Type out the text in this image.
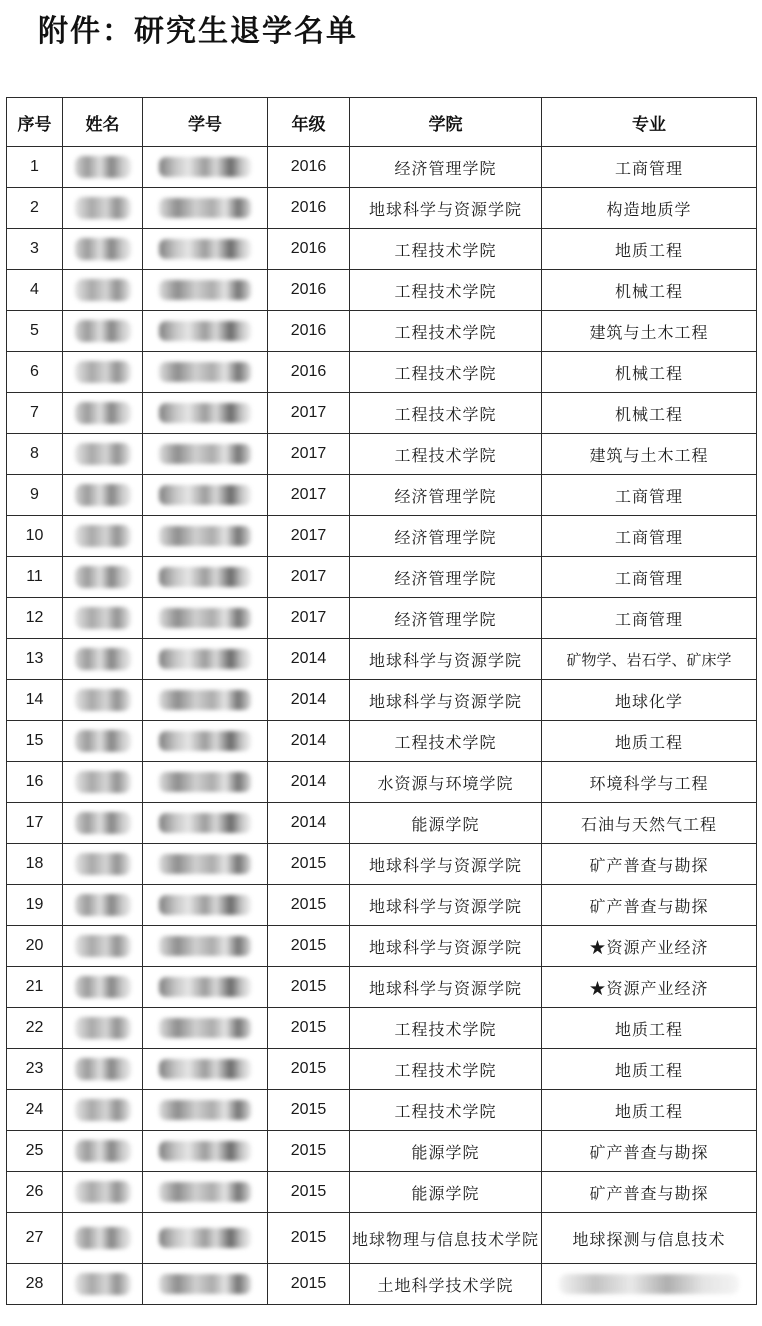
附件：研究生退学名单
序号	姓名	学号	年级	学院	专业
1			2016	经济管理学院	工商管理
2			2016	地球科学与资源学院	构造地质学
3			2016	工程技术学院	地质工程
4			2016	工程技术学院	机械工程
5			2016	工程技术学院	建筑与土木工程
6			2016	工程技术学院	机械工程
7			2017	工程技术学院	机械工程
8			2017	工程技术学院	建筑与土木工程
9			2017	经济管理学院	工商管理
10			2017	经济管理学院	工商管理
11			2017	经济管理学院	工商管理
12			2017	经济管理学院	工商管理
13			2014	地球科学与资源学院	矿物学、岩石学、矿床学
14			2014	地球科学与资源学院	地球化学
15			2014	工程技术学院	地质工程
16			2014	水资源与环境学院	环境科学与工程
17			2014	能源学院	石油与天然气工程
18			2015	地球科学与资源学院	矿产普查与勘探
19			2015	地球科学与资源学院	矿产普查与勘探
20			2015	地球科学与资源学院	★资源产业经济
21			2015	地球科学与资源学院	★资源产业经济
22			2015	工程技术学院	地质工程
23			2015	工程技术学院	地质工程
24			2015	工程技术学院	地质工程
25			2015	能源学院	矿产普查与勘探
26			2015	能源学院	矿产普查与勘探
27			2015	地球物理与信息技术学院	地球探测与信息技术
28			2015	土地科学技术学院	
